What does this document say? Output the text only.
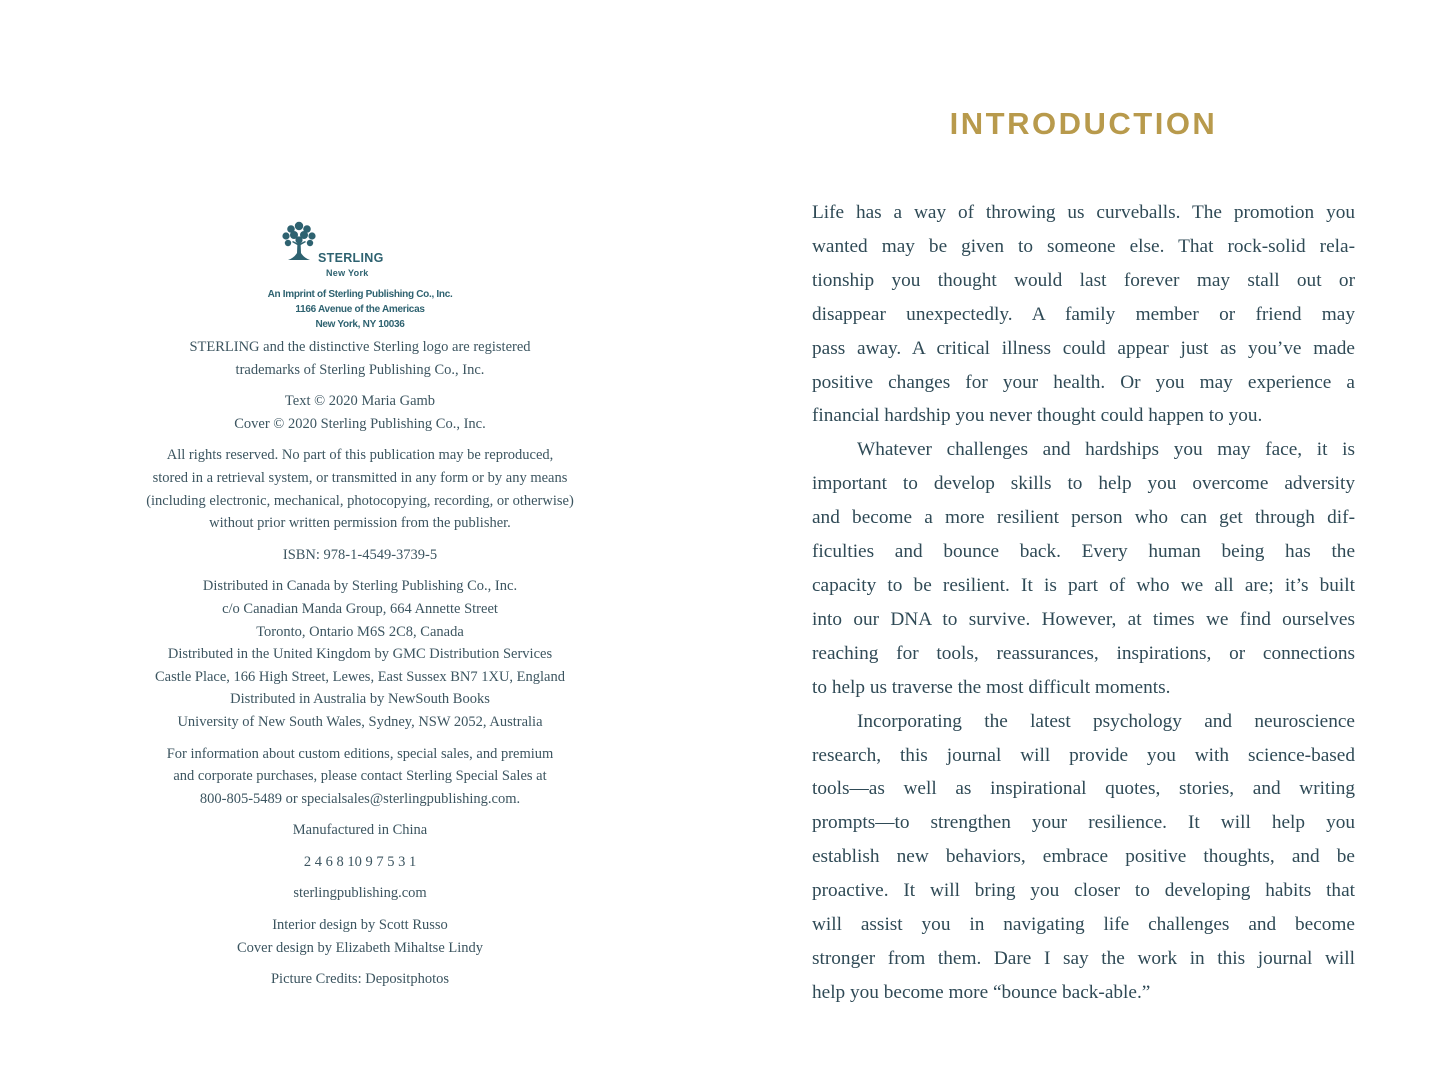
STERLING
New York
An Imprint of Sterling Publishing Co., Inc.
1166 Avenue of the Americas
New York, NY 10036
STERLING and the distinctive Sterling logo are registered
trademarks of Sterling Publishing Co., Inc.
Text © 2020 Maria Gamb
Cover © 2020 Sterling Publishing Co., Inc.
All rights reserved. No part of this publication may be reproduced,
stored in a retrieval system, or transmitted in any form or by any means
(including electronic, mechanical, photocopying, recording, or otherwise)
without prior written permission from the publisher.
ISBN: 978-1-4549-3739-5
Distributed in Canada by Sterling Publishing Co., Inc.
c/o Canadian Manda Group, 664 Annette Street
Toronto, Ontario M6S 2C8, Canada
Distributed in the United Kingdom by GMC Distribution Services
Castle Place, 166 High Street, Lewes, East Sussex BN7 1XU, England
Distributed in Australia by NewSouth Books
University of New South Wales, Sydney, NSW 2052, Australia
For information about custom editions, special sales, and premium
and corporate purchases, please contact Sterling Special Sales at
800-805-5489 or specialsales@sterlingpublishing.com.
Manufactured in China
2 4 6 8 10 9 7 5 3 1
sterlingpublishing.com
Interior design by Scott Russo
Cover design by Elizabeth Mihaltse Lindy
Picture Credits: Depositphotos
INTRODUCTION

Life has a way of throwing us curveballs. The promotion you
wanted may be given to someone else. That rock-solid rela-
tionship you thought would last forever may stall out or
disappear unexpectedly. A family member or friend may
pass away. A critical illness could appear just as you’ve made
positive changes for your health. Or you may experience a
financial hardship you never thought could happen to you.

Whatever challenges and hardships you may face, it is
important to develop skills to help you overcome adversity
and become a more resilient person who can get through dif-
ficulties and bounce back. Every human being has the
capacity to be resilient. It is part of who we all are; it’s built
into our DNA to survive. However, at times we find ourselves
reaching for tools, reassurances, inspirations, or connections
to help us traverse the most difficult moments.

Incorporating the latest psychology and neuroscience
research, this journal will provide you with science-based
tools—as well as inspirational quotes, stories, and writing
prompts—to strengthen your resilience. It will help you
establish new behaviors, embrace positive thoughts, and be
proactive. It will bring you closer to developing habits that
will assist you in navigating life challenges and become
stronger from them. Dare I say the work in this journal will
help you become more “bounce back-able.”
